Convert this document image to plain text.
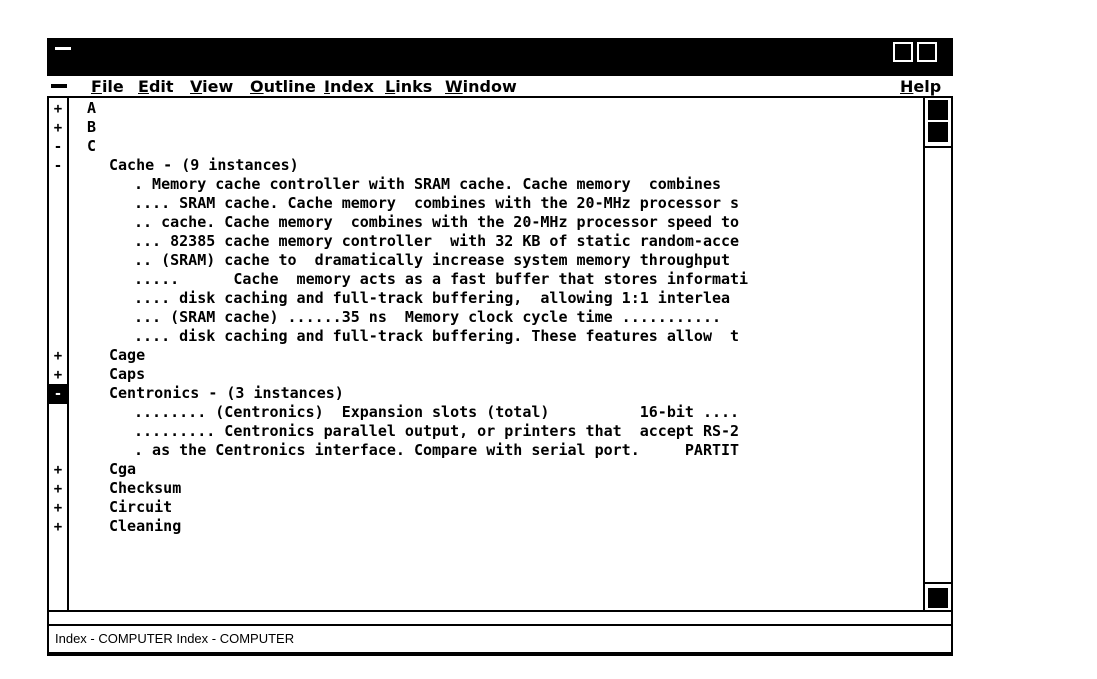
File Edit View Outline Index Links Window	Help
+
+
-
-
+
+
-
+
+
+
+
A
B
C
Cache - (9 instances)
. Memory cache controller with SRAM cache. Cache memory  combines
.... SRAM cache. Cache memory  combines with the 20-MHz processor s
.. cache. Cache memory  combines with the 20-MHz processor speed to
... 82385 cache memory controller  with 32 KB of static random-acce
.. (SRAM) cache to  dramatically increase system memory throughput
.....      Cache  memory acts as a fast buffer that stores informati
.... disk caching and full-track buffering,  allowing 1:1 interlea
... (SRAM cache) ......35 ns  Memory clock cycle time ...........
.... disk caching and full-track buffering. These features allow  t
Cage
Caps
Centronics - (3 instances)
........ (Centronics)  Expansion slots (total)          16-bit ....
......... Centronics parallel output, or printers that  accept RS-2
. as the Centronics interface. Compare with serial port.     PARTIT
Cga
Checksum
Circuit
Cleaning
Index - COMPUTER Index - COMPUTER
